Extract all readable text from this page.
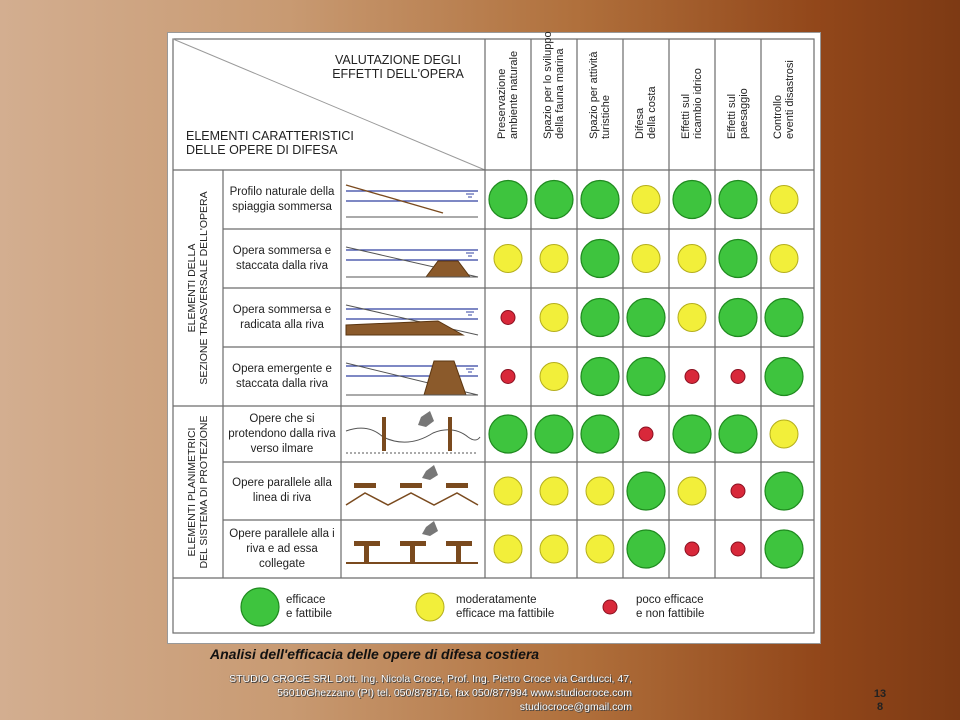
VALUTAZIONE DEGLI
EFFETTI DELL'OPERA
ELEMENTI CARATTERISTICI
DELLE OPERE DI DIFESA
Preservazione
ambiente naturale
Spazio per lo sviluppo
della fauna marina
Spazio per attività
turistiche Difesa
della costa
Effetti sul
ricambio idrico
Effetti sul
paesaggio Controllo
eventi disastrosi
Profilo naturale della spiaggia sommersa
Opera sommersa e staccata dalla riva
Opera sommersa e radicata alla riva
Opera emergente e staccata dalla riva
Opere che si protendono dalla riva verso ilmare
Opere parallele alla linea di riva
Opere parallele alla i riva e ad essa collegate
ELEMENTI DELLA
SEZIONE TRASVERSALE DELL'OPERA
ELEMENTI PLANIMETRICI
DEL SISTEMA DI PROTEZIONE
efficace
e fattibile
moderatamente
efficace ma fattibile
poco efficace
e non fattibile
Analisi dell'efficacia delle opere di difesa costiera
STUDIO CROCE SRL Dott. Ing. Nicola Croce, Prof. Ing. Pietro Croce via Carducci, 47,
56010Ghezzano (PI) tel. 050/878716, fax 050/877994 www.studiocroce.com
studiocroce@gmail.com
13
8
